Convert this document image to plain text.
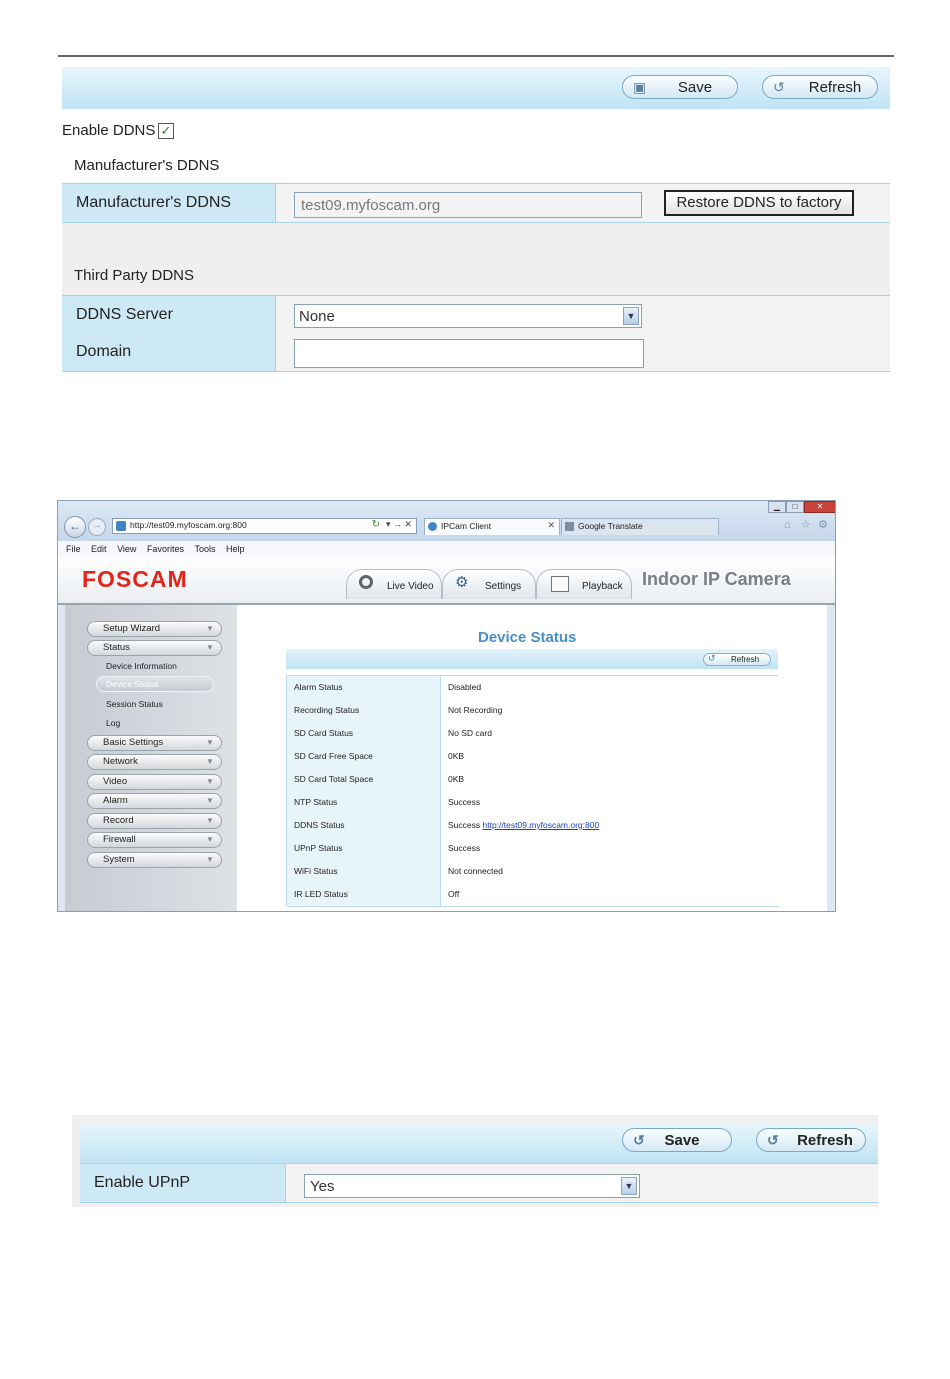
▣ Save	↺ Refresh
Enable DDNS ✓
Manufacturer's DDNS
Manufacturer's DDNS	test09.myfoscam.org	Restore DDNS to factory
Third Party DDNS
DDNS Server	None	▼
Domain
←	→	http://test09.myfoscam.org:800	↻ ▾ → ✕	IPCam Client	✕	Google Translate
▁	□	✕
⌂ ☆ ⚙
File Edit View Favorites Tools Help
FOSCAM	Live Video ⚙ Settings	Playback Indoor IP Camera
Setup Wizard	▼
Status	▼
Device Information
Device Status
Session Status
Log
Basic Settings	▼
Network	▼
Video	▼
Alarm	▼
Record	▼
Firewall	▼
System	▼
Device Status
↺ Refresh
Alarm Status	Disabled
Recording Status	Not Recording
SD Card Status	No SD card
SD Card Free Space	0KB
SD Card Total Space	0KB
NTP Status	Success
DDNS Status	Success http://test09.myfoscam.org:800
UPnP Status	Success
WiFi Status	Not connected
IR LED Status	Off
↺ Save	↺ Refresh
Enable UPnP	Yes	▼
